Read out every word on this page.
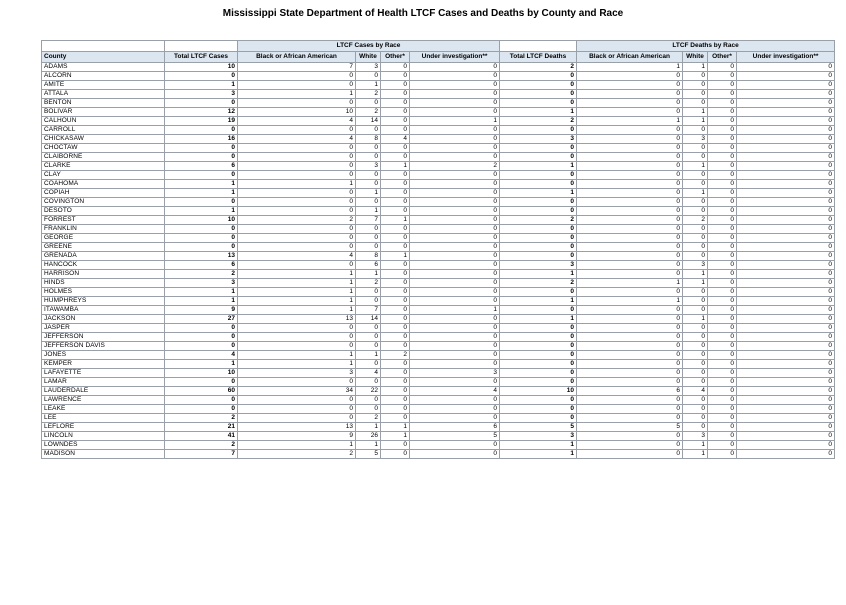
Mississippi State Department of Health LTCF Cases and Deaths by County and Race
		LTCF Cases by Race					LTCF Deaths by Race			
County	Total LTCF Cases	Black or African American	White	Other*	Under investigation**	Total LTCF Deaths	Black or African American	White	Other*	Under investigation**
ADAMS	10	7	3	0	0	2	1	1	0	0
ALCORN	0	0	0	0	0	0	0	0	0	0
AMITE	1	0	1	0	0	0	0	0	0	0
ATTALA	3	1	2	0	0	0	0	0	0	0
BENTON	0	0	0	0	0	0	0	0	0	0
BOLIVAR	12	10	2	0	0	1	0	1	0	0
CALHOUN	19	4	14	0	1	2	1	1	0	0
CARROLL	0	0	0	0	0	0	0	0	0	0
CHICKASAW	16	4	8	4	0	3	0	3	0	0
CHOCTAW	0	0	0	0	0	0	0	0	0	0
CLAIBORNE	0	0	0	0	0	0	0	0	0	0
CLARKE	6	0	3	1	2	1	0	1	0	0
CLAY	0	0	0	0	0	0	0	0	0	0
COAHOMA	1	1	0	0	0	0	0	0	0	0
COPIAH	1	0	1	0	0	1	0	1	0	0
COVINGTON	0	0	0	0	0	0	0	0	0	0
DESOTO	1	0	1	0	0	0	0	0	0	0
FORREST	10	2	7	1	0	2	0	2	0	0
FRANKLIN	0	0	0	0	0	0	0	0	0	0
GEORGE	0	0	0	0	0	0	0	0	0	0
GREENE	0	0	0	0	0	0	0	0	0	0
GRENADA	13	4	8	1	0	0	0	0	0	0
HANCOCK	6	0	6	0	0	3	0	3	0	0
HARRISON	2	1	1	0	0	1	0	1	0	0
HINDS	3	1	2	0	0	2	1	1	0	0
HOLMES	1	1	0	0	0	0	0	0	0	0
HUMPHREYS	1	1	0	0	0	1	1	0	0	0
ITAWAMBA	9	1	7	0	1	0	0	0	0	0
JACKSON	27	13	14	0	0	1	0	1	0	0
JASPER	0	0	0	0	0	0	0	0	0	0
JEFFERSON	0	0	0	0	0	0	0	0	0	0
JEFFERSON DAVIS	0	0	0	0	0	0	0	0	0	0
JONES	4	1	1	2	0	0	0	0	0	0
KEMPER	1	1	0	0	0	0	0	0	0	0
LAFAYETTE	10	3	4	0	3	0	0	0	0	0
LAMAR	0	0	0	0	0	0	0	0	0	0
LAUDERDALE	60	34	22	0	4	10	6	4	0	0
LAWRENCE	0	0	0	0	0	0	0	0	0	0
LEAKE	0	0	0	0	0	0	0	0	0	0
LEE	2	0	2	0	0	0	0	0	0	0
LEFLORE	21	13	1	1	6	5	5	0	0	0
LINCOLN	41	9	26	1	5	3	0	3	0	0
LOWNDES	2	1	1	0	0	1	0	1	0	0
MADISON	7	2	5	0	0	1	0	1	0	0
